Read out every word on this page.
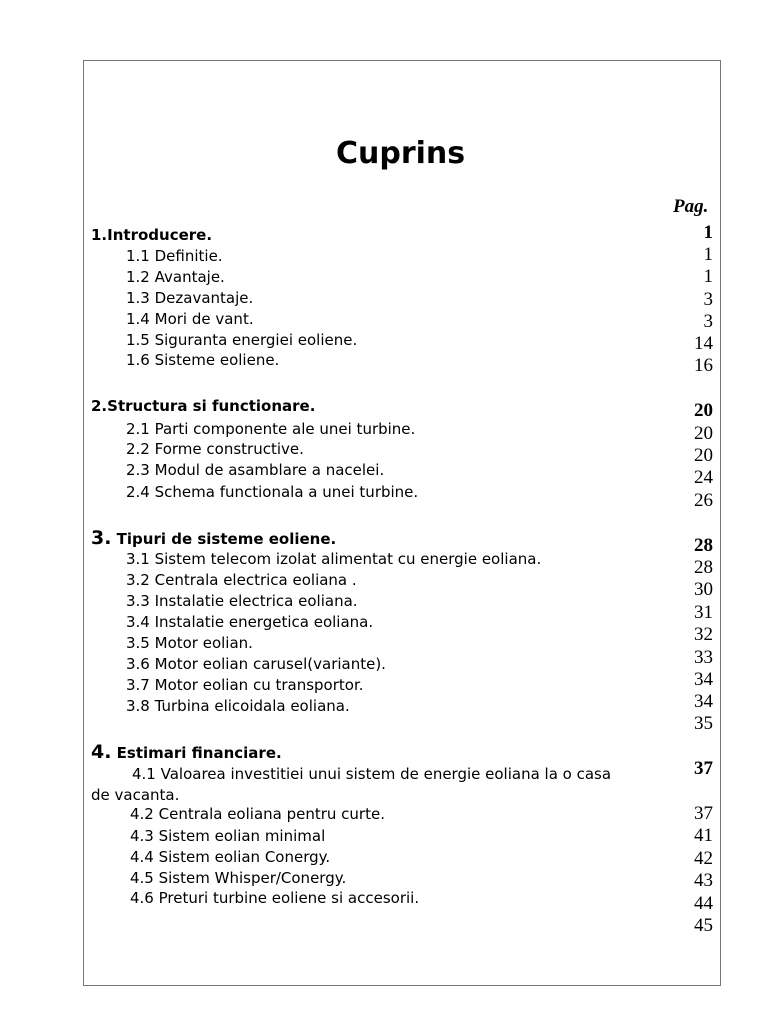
Cuprins
Pag.
1.Introducere.
1.1 Definitie.
1.2 Avantaje.
1.3 Dezavantaje.
1.4 Mori de vant.
1.5 Siguranta energiei eoliene.
1.6 Sisteme eoliene.
2.Structura si functionare.
2.1 Parti componente ale unei turbine.
2.2 Forme constructive.
2.3 Modul de asamblare a nacelei.
2.4 Schema functionala a unei turbine.
3. Tipuri de sisteme eoliene.
3.1 Sistem telecom izolat alimentat cu energie eoliana.
3.2 Centrala electrica eoliana .
3.3 Instalatie electrica eoliana.
3.4 Instalatie energetica eoliana.
3.5 Motor eolian.
3.6 Motor eolian carusel(variante).
3.7 Motor eolian cu transportor.
3.8 Turbina elicoidala eoliana.
4. Estimari financiare.
4.1 Valoarea investitiei unui sistem de energie eoliana la o casa
de vacanta.
4.2 Centrala eoliana pentru curte.
4.3 Sistem eolian minimal
4.4 Sistem eolian Conergy.
4.5 Sistem Whisper/Conergy.
4.6 Preturi turbine eoliene si accesorii.
1
1
1
3
3
14
16
20
20
20
24
26
28
28
30
31
32
33
34
34
35
37
37
41
42
43
44
45
